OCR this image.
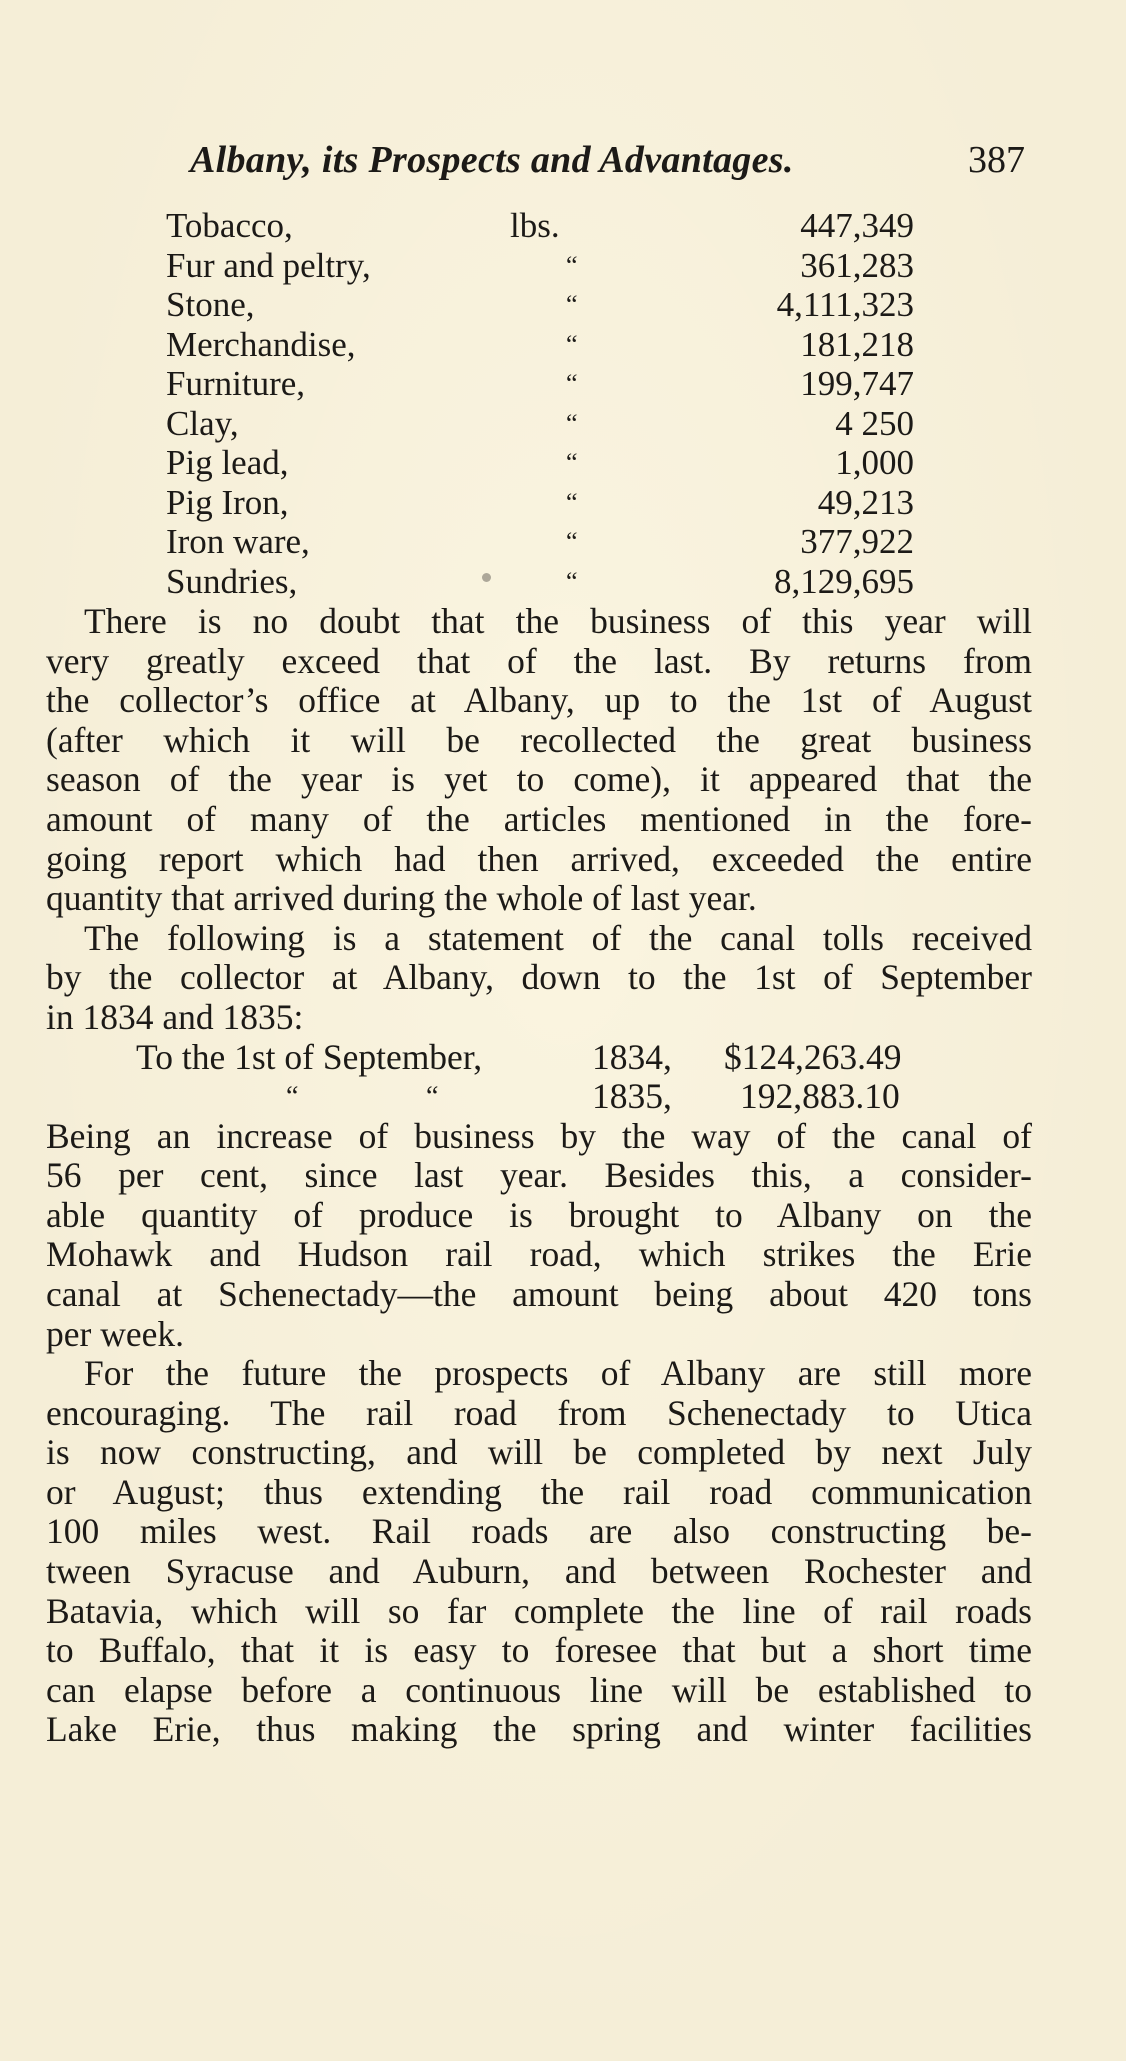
Albany, its Prospects and Advantages.	387
Tobacco,	lbs.	447,349
Fur and peltry,	“	361,283
Stone,	“	4,111,323
Merchandise,	“	181,218
Furniture,	“	199,747
Clay,	“	4 250
Pig lead,	“	1,000
Pig Iron,	“	49,213
Iron ware,	“	377,922
Sundries,	“	8,129,695

There is no doubt that the business of this year will
very greatly exceed that of the last. By returns from
the collector’s office at Albany, up to the 1st of August
(after which it will be recollected the great business
season of the year is yet to come), it appeared that the
amount of many of the articles mentioned in the fore-
going report which had then arrived, exceeded the entire
quantity that arrived during the whole of last year.

The following is a statement of the canal tolls received
by the collector at Albany, down to the 1st of September
in 1834 and 1835:

To the 1st of September,	1834, $124,263.49
“	“	1835, 192,883.10

Being an increase of business by the way of the canal of
56 per cent, since last year. Besides this, a consider-
able quantity of produce is brought to Albany on the
Mohawk and Hudson rail road, which strikes the Erie
canal at Schenectady—the amount being about 420 tons
per week.

For the future the prospects of Albany are still more
encouraging. The rail road from Schenectady to Utica
is now constructing, and will be completed by next July
or August; thus extending the rail road communication
100 miles west. Rail roads are also constructing be-
tween Syracuse and Auburn, and between Rochester and
Batavia, which will so far complete the line of rail roads
to Buffalo, that it is easy to foresee that but a short time
can elapse before a continuous line will be established to
Lake Erie, thus making the spring and winter facilities
